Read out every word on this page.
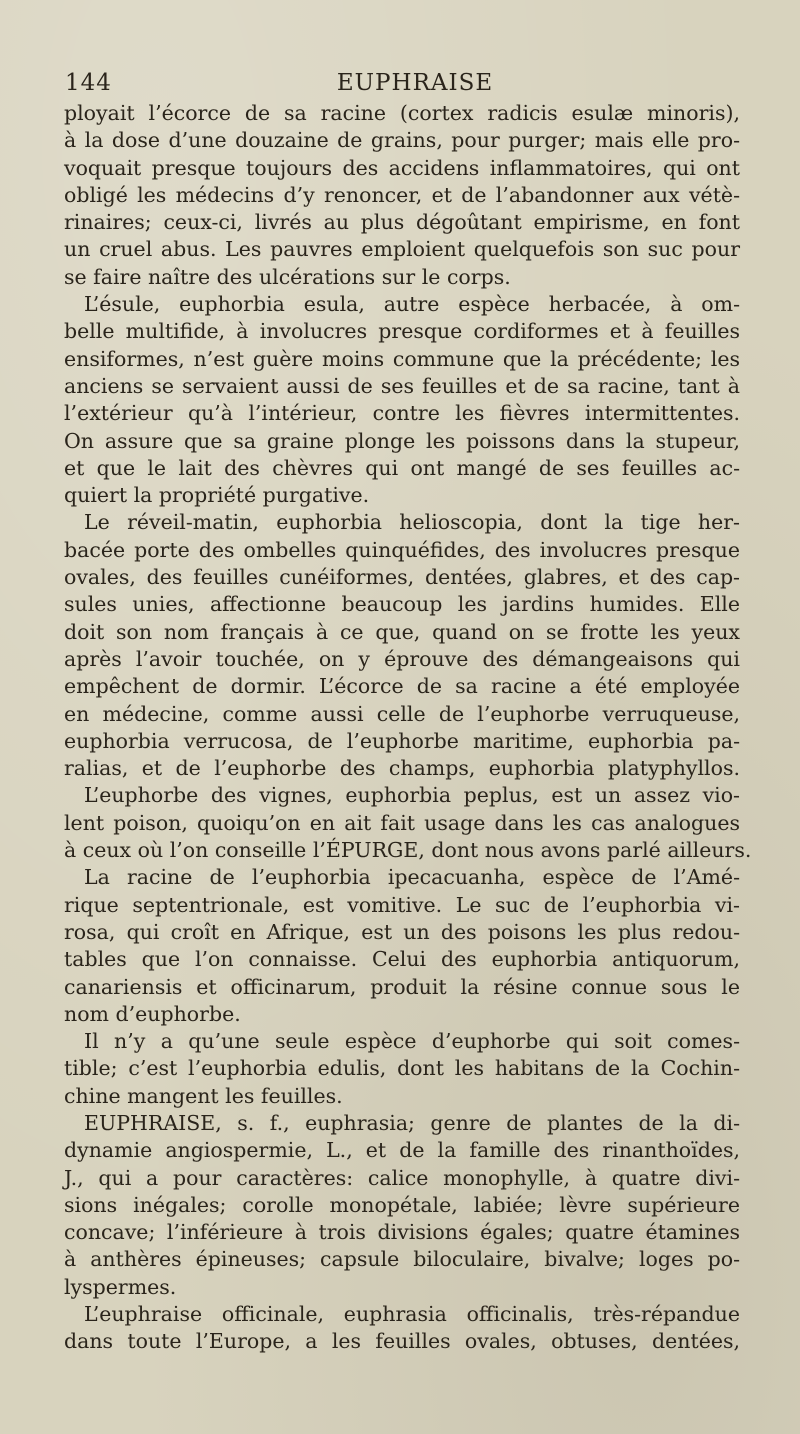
144	EUPHRAISE
ployait l’écorce de sa racine (cortex radicis esulæ minoris),
à la dose d’une douzaine de grains, pour purger; mais elle pro-
voquait presque toujours des accidens inflammatoires, qui ont
obligé les médecins d’y renoncer, et de l’abandonner aux vétè-
rinaires; ceux-ci, livrés au plus dégoûtant empirisme, en font
un cruel abus. Les pauvres emploient quelquefois son suc pour
se faire naître des ulcérations sur le corps.
L’ésule, euphorbia esula, autre espèce herbacée, à om-
belle multifide, à involucres presque cordiformes et à feuilles
ensiformes, n’est guère moins commune que la précédente; les
anciens se servaient aussi de ses feuilles et de sa racine, tant à
l’extérieur qu’à l’intérieur, contre les fièvres intermittentes.
On assure que sa graine plonge les poissons dans la stupeur,
et que le lait des chèvres qui ont mangé de ses feuilles ac-
quiert la propriété purgative.
Le réveil-matin, euphorbia helioscopia, dont la tige her-
bacée porte des ombelles quinquéfides, des involucres presque
ovales, des feuilles cunéiformes, dentées, glabres, et des cap-
sules unies, affectionne beaucoup les jardins humides. Elle
doit son nom français à ce que, quand on se frotte les yeux
après l’avoir touchée, on y éprouve des démangeaisons qui
empêchent de dormir. L’écorce de sa racine a été employée
en médecine, comme aussi celle de l’euphorbe verruqueuse,
euphorbia verrucosa, de l’euphorbe maritime, euphorbia pa-
ralias, et de l’euphorbe des champs, euphorbia platyphyllos.
L’euphorbe des vignes, euphorbia peplus, est un assez vio-
lent poison, quoiqu’on en ait fait usage dans les cas analogues
à ceux où l’on conseille l’ÉPURGE, dont nous avons parlé ailleurs.
La racine de l’euphorbia ipecacuanha, espèce de l’Amé-
rique septentrionale, est vomitive. Le suc de l’euphorbia vi-
rosa, qui croît en Afrique, est un des poisons les plus redou-
tables que l’on connaisse. Celui des euphorbia antiquorum,
canariensis et officinarum, produit la résine connue sous le
nom d’euphorbe.
Il n’y a qu’une seule espèce d’euphorbe qui soit comes-
tible; c’est l’euphorbia edulis, dont les habitans de la Cochin-
chine mangent les feuilles.
EUPHRAISE, s. f., euphrasia; genre de plantes de la di-
dynamie angiospermie, L., et de la famille des rinanthoïdes,
J., qui a pour caractères: calice monophylle, à quatre divi-
sions inégales; corolle monopétale, labiée; lèvre supérieure
concave; l’inférieure à trois divisions égales; quatre étamines
à anthères épineuses; capsule biloculaire, bivalve; loges po-
lyspermes.
L’euphraise officinale, euphrasia officinalis, très-répandue
dans toute l’Europe, a les feuilles ovales, obtuses, dentées,
